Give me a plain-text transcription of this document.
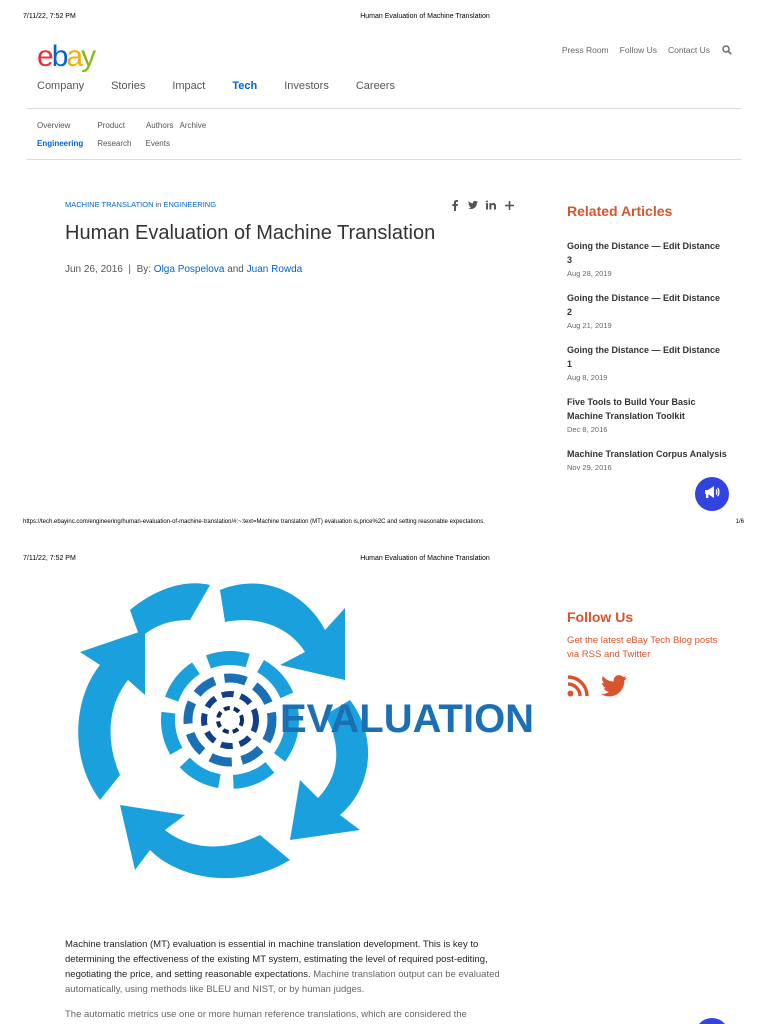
7/11/22, 7:52 PM	Human Evaluation of Machine Translation
ebay	Press Room Follow Us Contact Us
Company Stories Impact Tech Investors Careers
Overview	Product	Authors Archive
Engineering Research Events
MACHINE TRANSLATION in ENGINEERING
Human Evaluation of Machine Translation
Jun 26, 2016 | By: Olga Pospelova and Juan Rowda
Related Articles
Going the Distance — Edit Distance 3
Aug 28, 2019
Going the Distance — Edit Distance 2
Aug 21, 2019
Going the Distance — Edit Distance 1
Aug 8, 2019
Five Tools to Build Your Basic Machine Translation Toolkit
Dec 8, 2016
Machine Translation Corpus Analysis
Nov 29, 2016
https://tech.ebayinc.com/engineering/human-evaluation-of-machine-translation/#:~:text=Machine translation (MT) evaluation is,price%2C and setting reasonable expectations.	1/6
7/11/22, 7:52 PM	Human Evaluation of Machine Translation
EVALUATION
Follow Us
Get the latest eBay Tech Blog posts via RSS and Twitter
Machine translation (MT) evaluation is essential in machine translation development. This is key to determining the effectiveness of the existing MT system, estimating the level of required post-editing, negotiating the price, and setting reasonable expectations. Machine translation output can be evaluated automatically, using methods like BLEU and NIST, or by human judges.
The automatic metrics use one or more human reference translations, which are considered the
